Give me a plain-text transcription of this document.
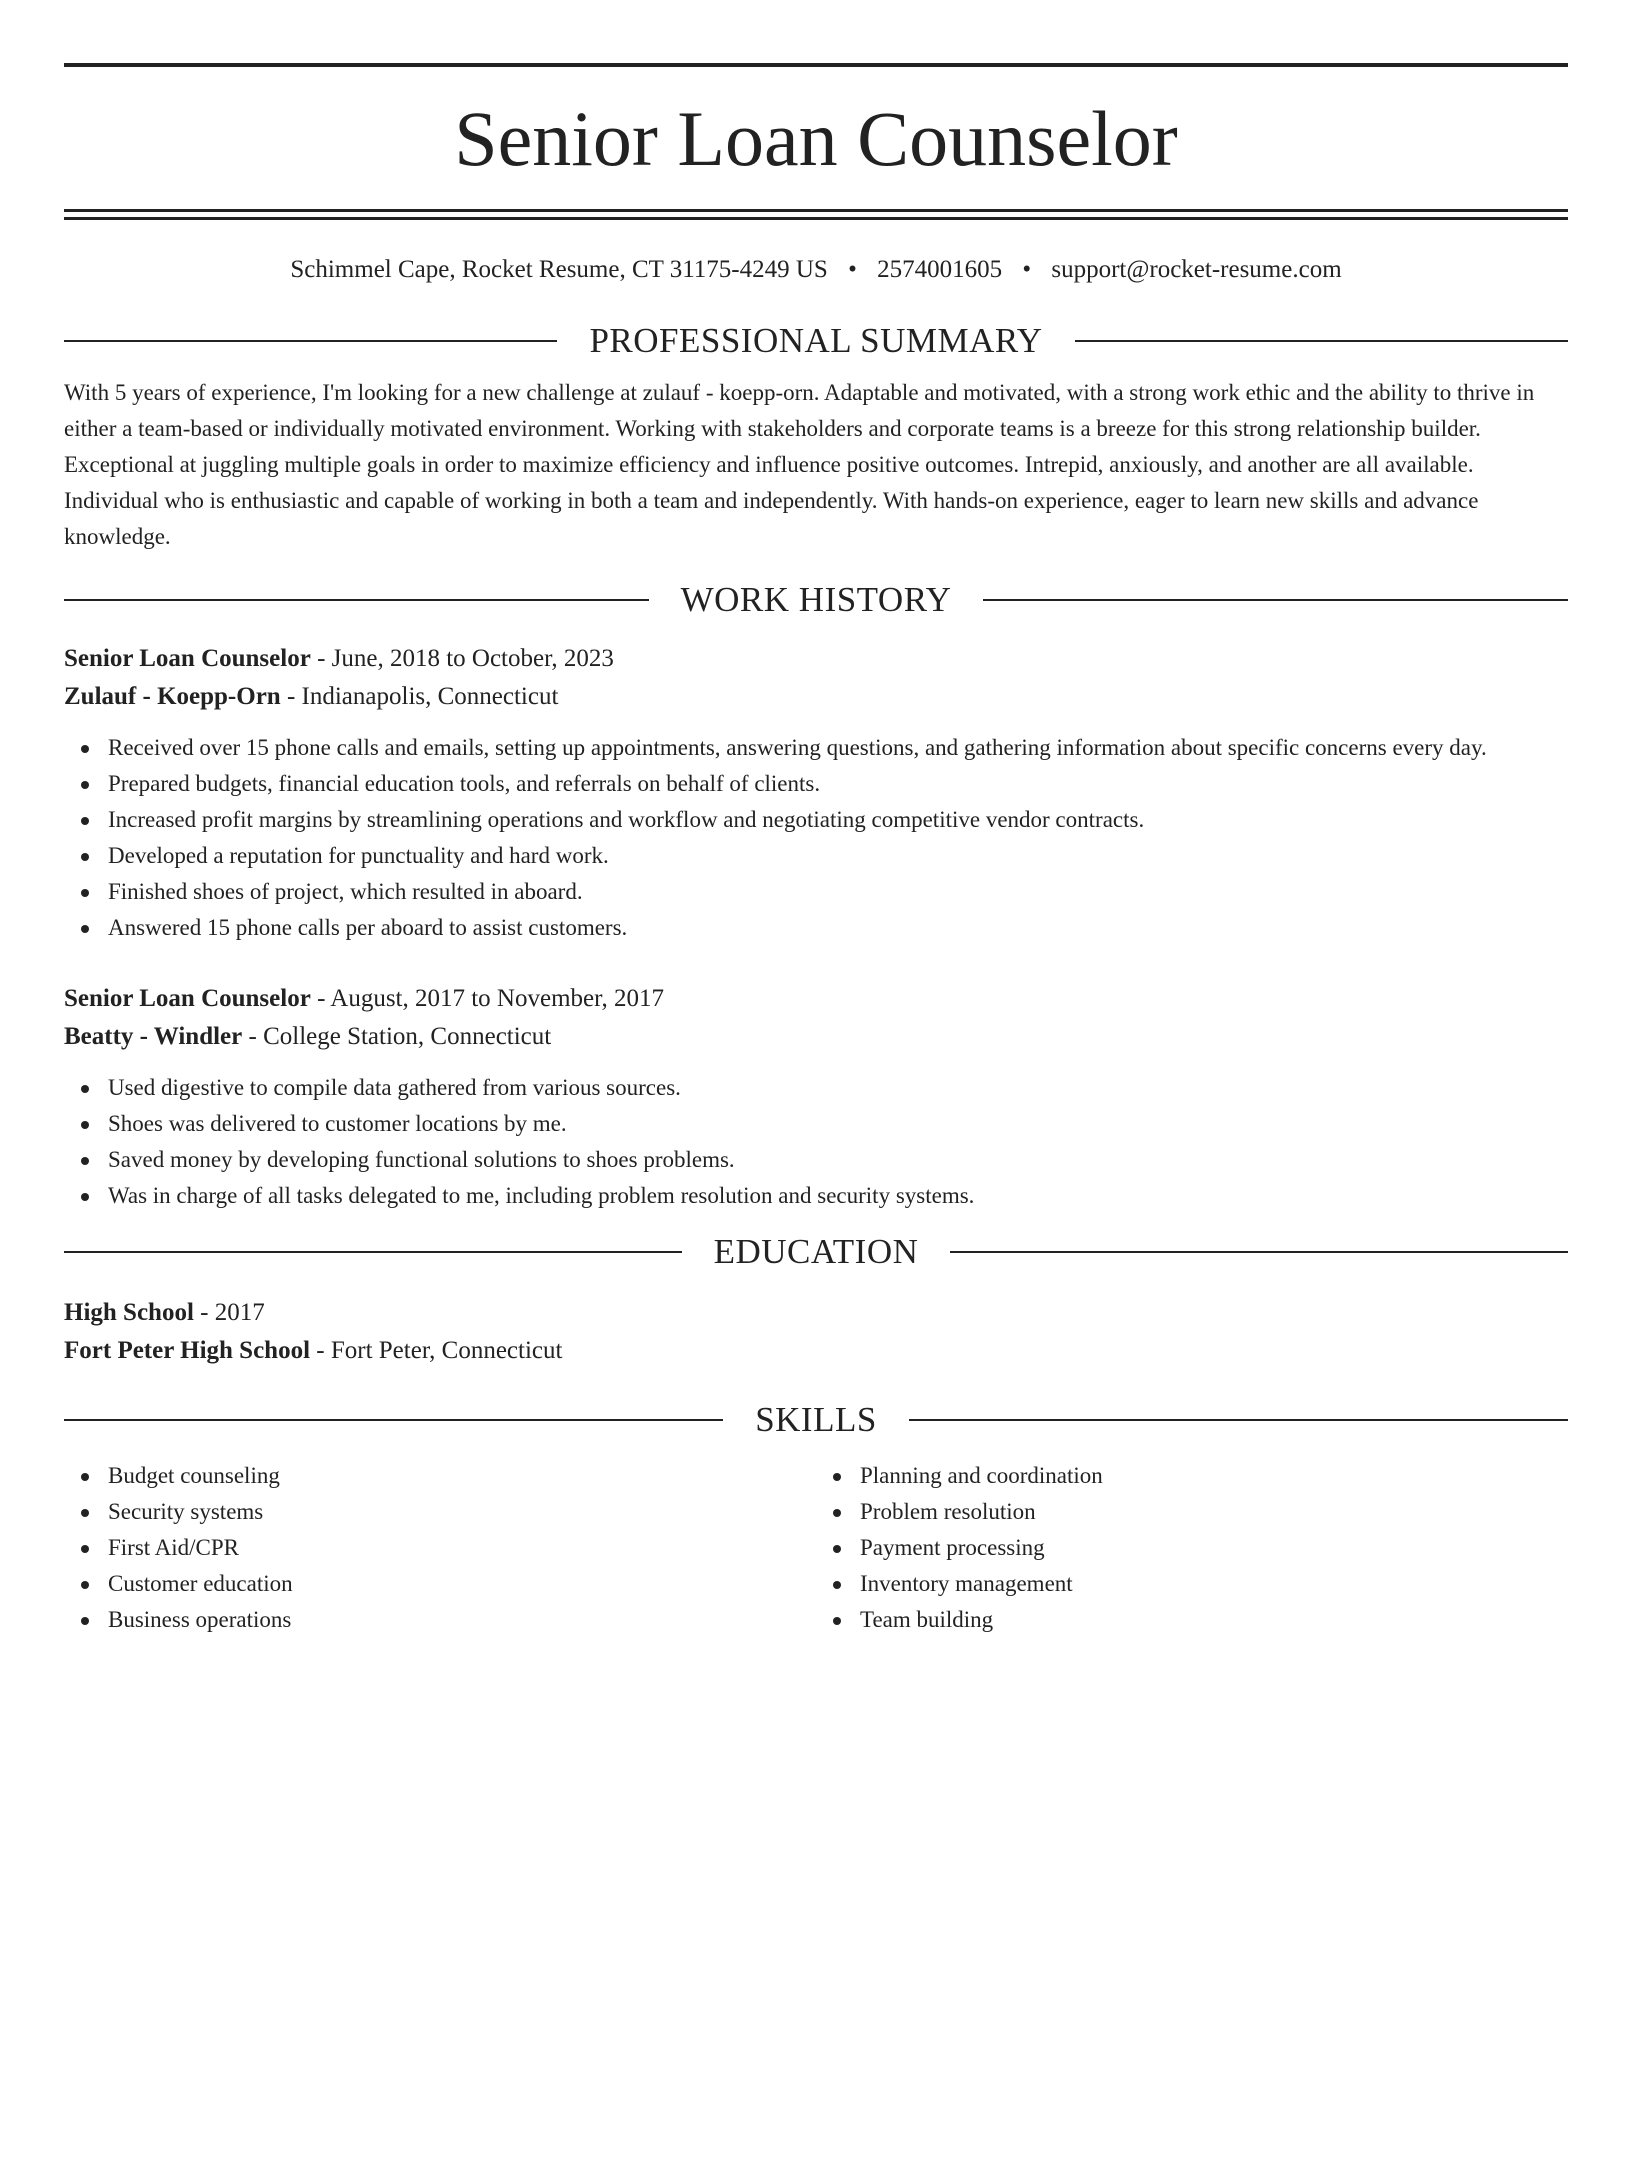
Senior Loan Counselor
Schimmel Cape, Rocket Resume, CT 31175-4249 US • 2574001605 • support@rocket-resume.com
PROFESSIONAL SUMMARY

With 5 years of experience, I'm looking for a new challenge at zulauf - koepp-orn. Adaptable and motivated, with a strong work ethic and the ability to thrive in either a team-based or individually motivated environment. Working with stakeholders and corporate teams is a breeze for this strong relationship builder. Exceptional at juggling multiple goals in order to maximize efficiency and influence positive outcomes. Intrepid, anxiously, and another are all available. Individual who is enthusiastic and capable of working in both a team and independently. With hands-on experience, eager to learn new skills and advance knowledge.

WORK HISTORY
Senior Loan Counselor - June, 2018 to October, 2023
Zulauf - Koepp-Orn - Indianapolis, Connecticut
Received over 15 phone calls and emails, setting up appointments, answering questions, and gathering information about specific concerns every day.
Prepared budgets, financial education tools, and referrals on behalf of clients.
Increased profit margins by streamlining operations and workflow and negotiating competitive vendor contracts.
Developed a reputation for punctuality and hard work.
Finished shoes of project, which resulted in aboard.
Answered 15 phone calls per aboard to assist customers.
Senior Loan Counselor - August, 2017 to November, 2017
Beatty - Windler - College Station, Connecticut
Used digestive to compile data gathered from various sources.
Shoes was delivered to customer locations by me.
Saved money by developing functional solutions to shoes problems.
Was in charge of all tasks delegated to me, including problem resolution and security systems.
EDUCATION
High School - 2017
Fort Peter High School - Fort Peter, Connecticut
SKILLS
Budget counseling
Security systems
First Aid/CPR
Customer education
Business operations
Planning and coordination
Problem resolution
Payment processing
Inventory management
Team building
